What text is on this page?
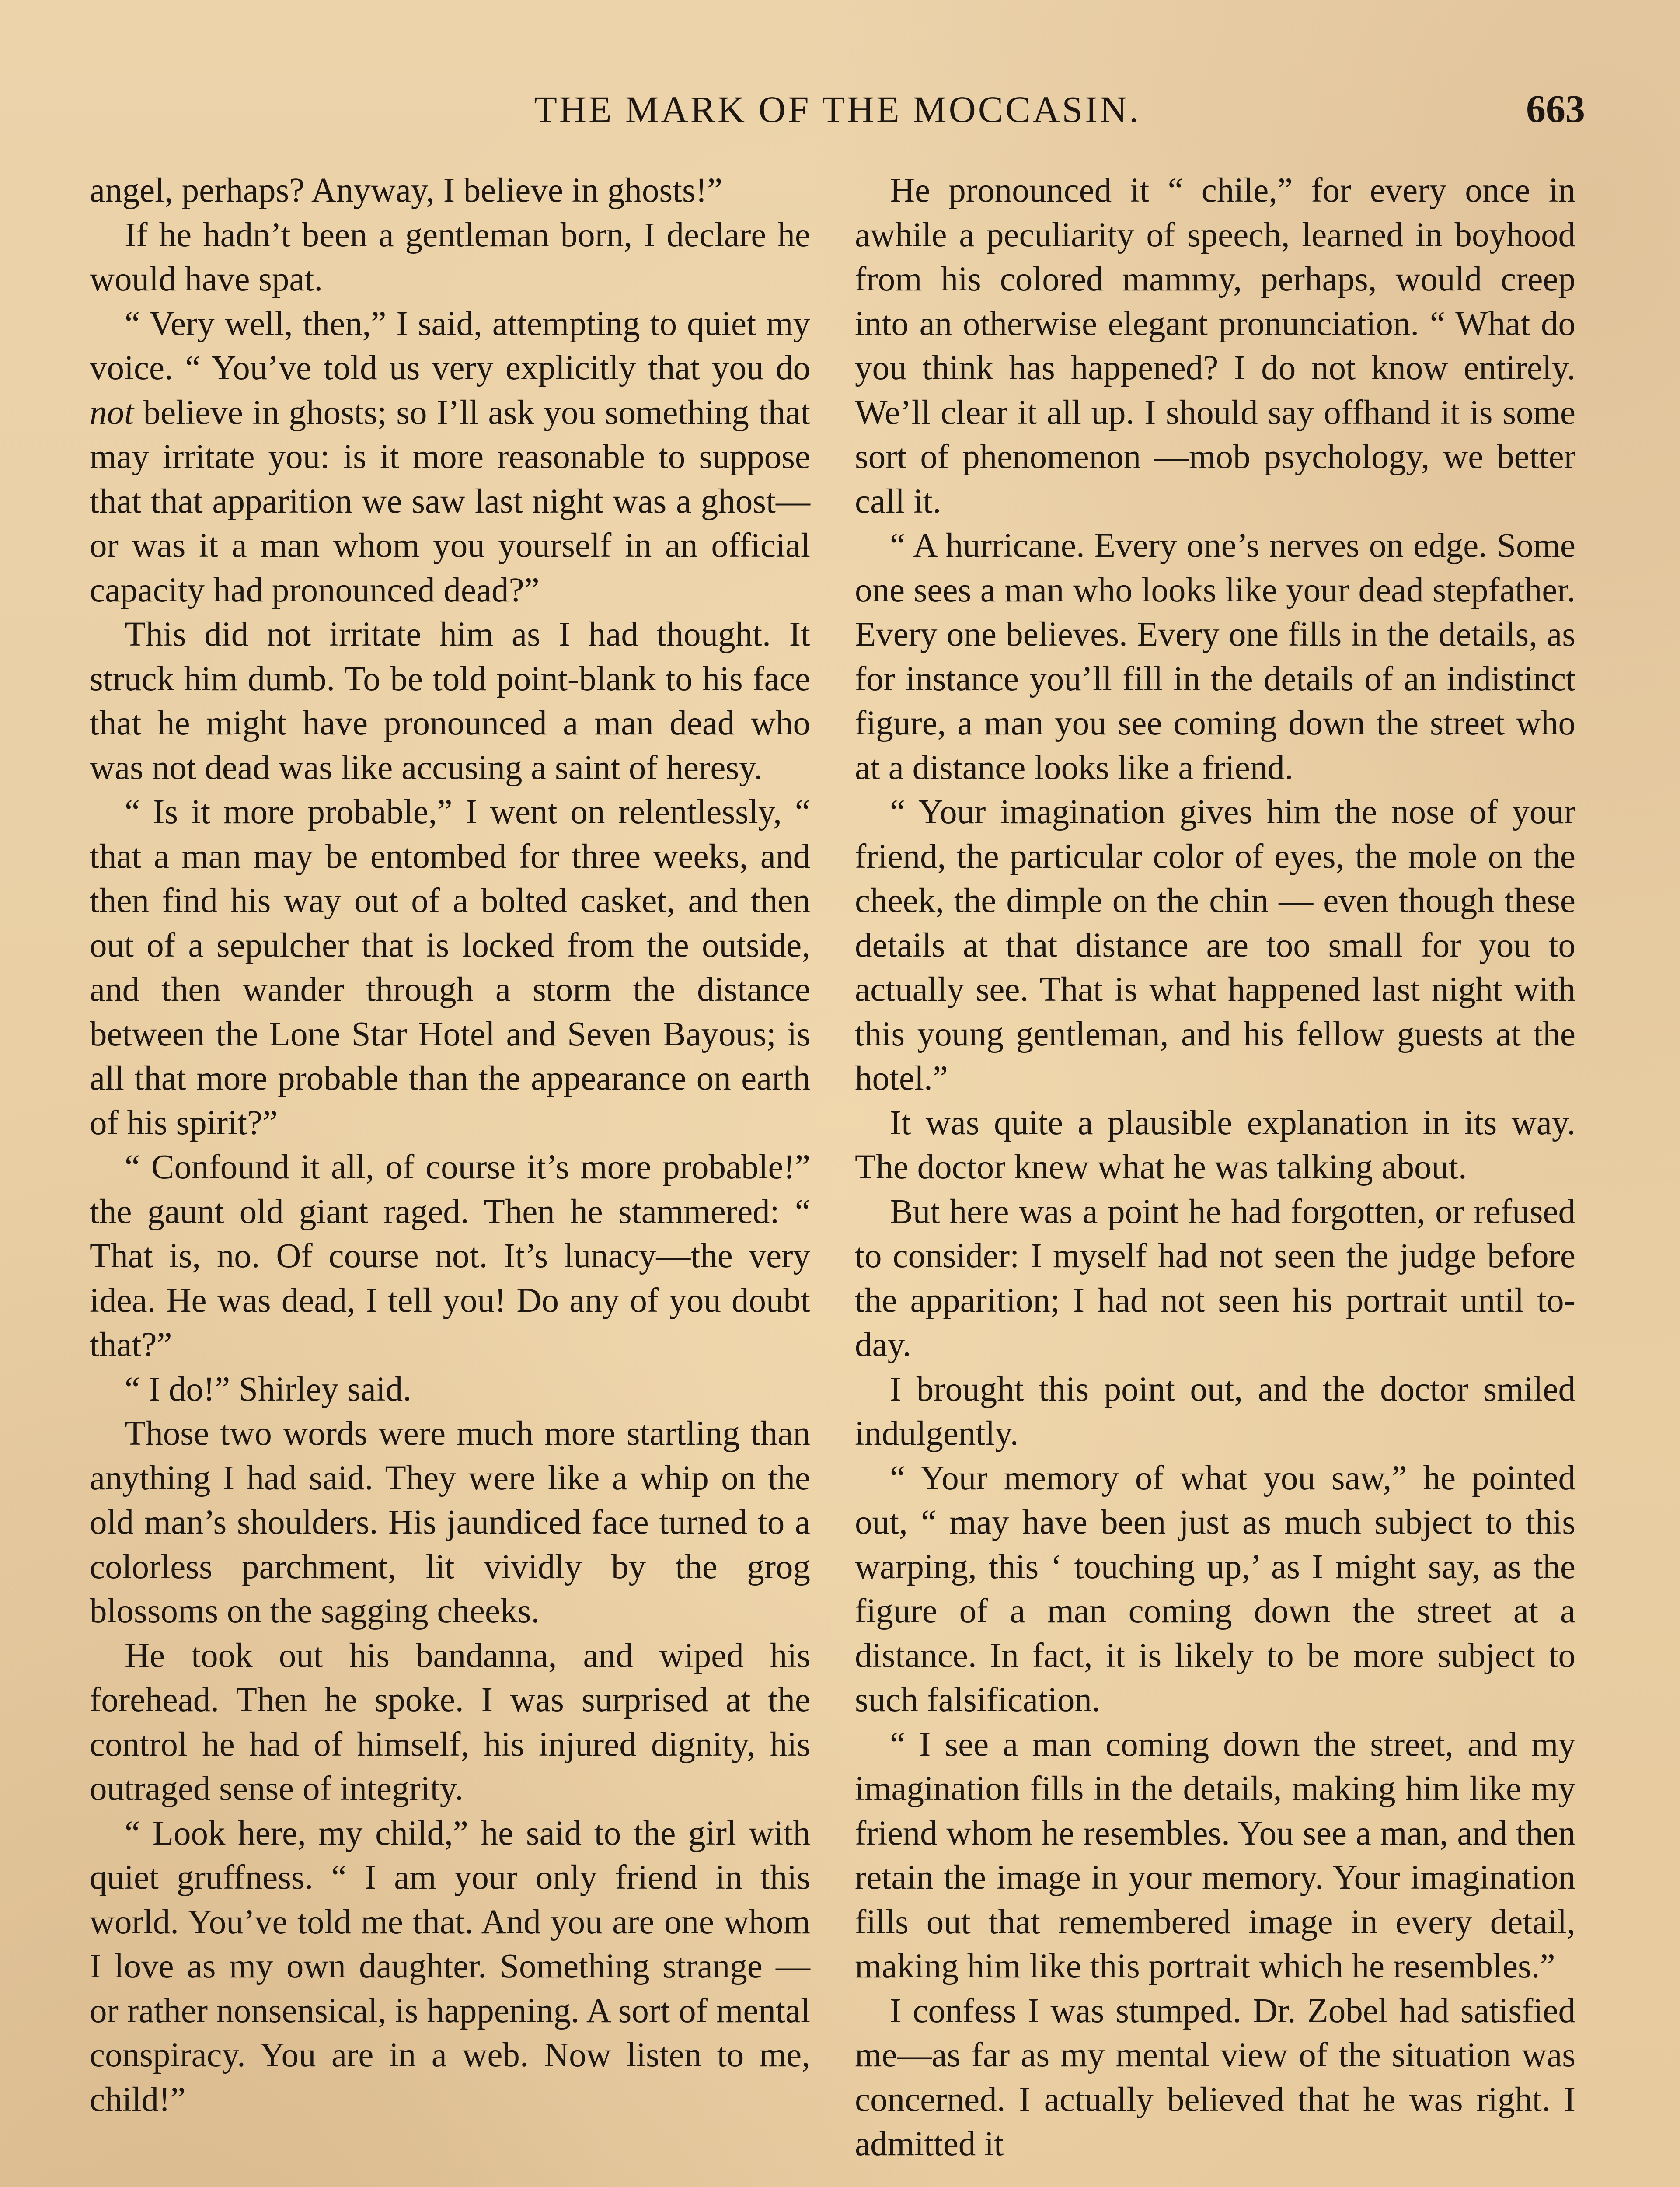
THE MARK OF THE MOCCASIN.	663

angel, perhaps? Anyway, I believe in ghosts!”

If he hadn’t been a gentleman born, I declare he would have spat.

“ Very well, then,” I said, attempting to quiet my voice. “ You’ve told us very explicitly that you do not believe in ghosts; so I’ll ask you something that may irritate you: is it more reasonable to suppose that that apparition we saw last night was a ghost—or was it a man whom you yourself in an official capacity had pronounced dead?”

This did not irritate him as I had thought. It struck him dumb. To be told point-blank to his face that he might have pronounced a man dead who was not dead was like accusing a saint of heresy.

“ Is it more probable,” I went on relentlessly, “ that a man may be entombed for three weeks, and then find his way out of a bolted casket, and then out of a sepulcher that is locked from the outside, and then wander through a storm the distance between the Lone Star Hotel and Seven Bayous; is all that more probable than the appearance on earth of his spirit?”

“ Confound it all, of course it’s more probable!” the gaunt old giant raged. Then he stammered: “ That is, no. Of course not. It’s lunacy—the very idea. He was dead, I tell you! Do any of you doubt that?”

“ I do!” Shirley said.

Those two words were much more startling than anything I had said. They were like a whip on the old man’s shoulders. His jaundiced face turned to a colorless parchment, lit vividly by the grog blossoms on the sagging cheeks.

He took out his bandanna, and wiped his forehead. Then he spoke. I was surprised at the control he had of himself, his injured dignity, his outraged sense of integrity.

“ Look here, my child,” he said to the girl with quiet gruffness. “ I am your only friend in this world. You’ve told me that. And you are one whom I love as my own daughter. Something strange — or rather nonsensical, is happening. A sort of mental conspiracy. You are in a web. Now listen to me, child!”

He pronounced it “ chile,” for every once in awhile a peculiarity of speech, learned in boyhood from his colored mammy, perhaps, would creep into an otherwise elegant pronunciation. “ What do you think has happened? I do not know entirely. We’ll clear it all up. I should say offhand it is some sort of phenomenon —mob psychology, we better call it.

“ A hurricane. Every one’s nerves on edge. Some one sees a man who looks like your dead stepfather. Every one believes. Every one fills in the details, as for instance you’ll fill in the details of an indistinct figure, a man you see coming down the street who at a distance looks like a friend.

“ Your imagination gives him the nose of your friend, the particular color of eyes, the mole on the cheek, the dimple on the chin — even though these details at that distance are too small for you to actually see. That is what happened last night with this young gentleman, and his fellow guests at the hotel.”

It was quite a plausible explanation in its way. The doctor knew what he was talking about.

But here was a point he had forgotten, or refused to consider: I myself had not seen the judge before the apparition; I had not seen his portrait until to-day.

I brought this point out, and the doctor smiled indulgently.

“ Your memory of what you saw,” he pointed out, “ may have been just as much subject to this warping, this ‘ touching up,’ as I might say, as the figure of a man coming down the street at a distance. In fact, it is likely to be more subject to such falsification.

“ I see a man coming down the street, and my imagination fills in the details, making him like my friend whom he resembles. You see a man, and then retain the image in your memory. Your imagination fills out that remembered image in every detail, making him like this portrait which he resembles.”

I confess I was stumped. Dr. Zobel had satisfied me—as far as my mental view of the situation was concerned. I actually believed that he was right. I admitted it
